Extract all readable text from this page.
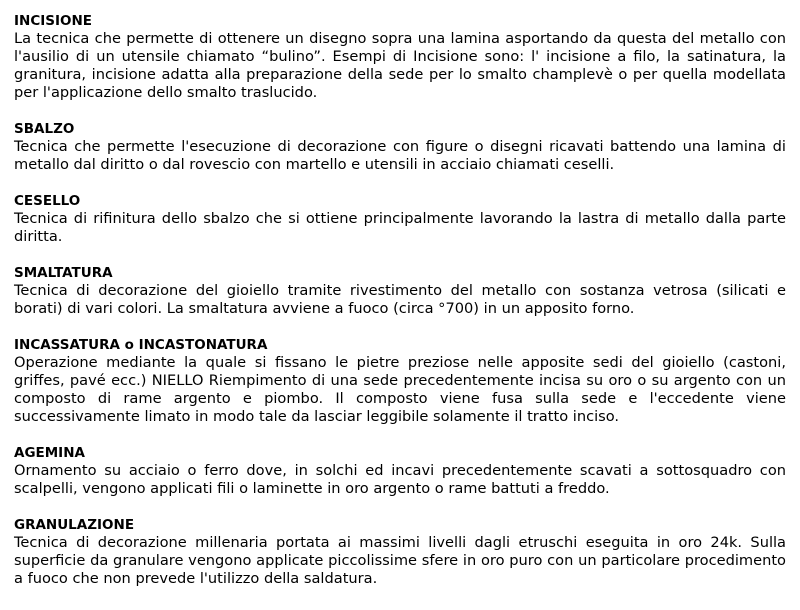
INCISIONE

La tecnica che permette di ottenere un disegno sopra una lamina asportando da questa del metallo con l'ausilio di un utensile chiamato “bulino”. Esempi di Incisione sono: l' incisione a filo, la satinatura, la granitura, incisione adatta alla preparazione della sede per lo smalto champlevè o per quella modellata per l'applicazione dello smalto traslucido.

SBALZO

Tecnica che permette l'esecuzione di decorazione con figure o disegni ricavati battendo una lamina di metallo dal diritto o dal rovescio con martello e utensili in acciaio chiamati ceselli.

CESELLO

Tecnica di rifinitura dello sbalzo che si ottiene principalmente lavorando la lastra di metallo dalla parte diritta.

SMALTATURA

Tecnica di decorazione del gioiello tramite rivestimento del metallo con sostanza vetrosa (silicati e borati) di vari colori. La smaltatura avviene a fuoco (circa °700) in un apposito forno.

INCASSATURA o INCASTONATURA

Operazione mediante la quale si fissano le pietre preziose nelle apposite sedi del gioiello (castoni, griffes, pavé ecc.) NIELLO Riempimento di una sede precedentemente incisa su oro o su argento con un composto di rame argento e piombo. Il composto viene fusa sulla sede e l'eccedente viene successivamente limato in modo tale da lasciar leggibile solamente il tratto inciso.

AGEMINA

Ornamento su acciaio o ferro dove, in solchi ed incavi precedentemente scavati a sottosquadro con scalpelli, vengono applicati fili o laminette in oro argento o rame battuti a freddo.

GRANULAZIONE

Tecnica di decorazione millenaria portata ai massimi livelli dagli etruschi eseguita in oro 24k. Sulla superficie da granulare vengono applicate piccolissime sfere in oro puro con un particolare procedimento a fuoco che non prevede l'utilizzo della saldatura.
